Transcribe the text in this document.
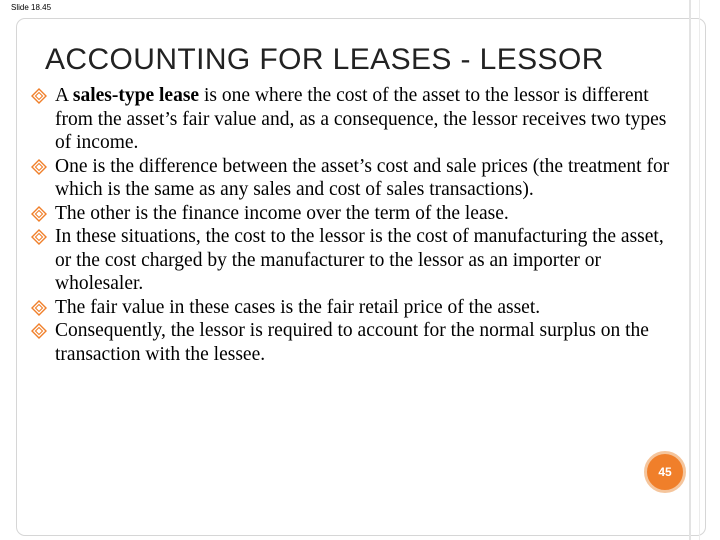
Slide 18.45
ACCOUNTING FOR LEASES - LESSOR
A sales-type lease is one where the cost of the asset to the lessor is different from the asset’s fair value and, as a consequence, the lessor receives two types of income.
One is the difference between the asset’s cost and sale prices (the treatment for which is the same as any sales and cost of sales transactions).
The other is the finance income over the term of the lease.
In these situations, the cost to the lessor is the cost of manufacturing the asset, or the cost charged by the manufacturer to the lessor as an importer or wholesaler.
The fair value in these cases is the fair retail price of the asset.
Consequently, the lessor is required to account for the normal surplus on the transaction with the lessee.
45
